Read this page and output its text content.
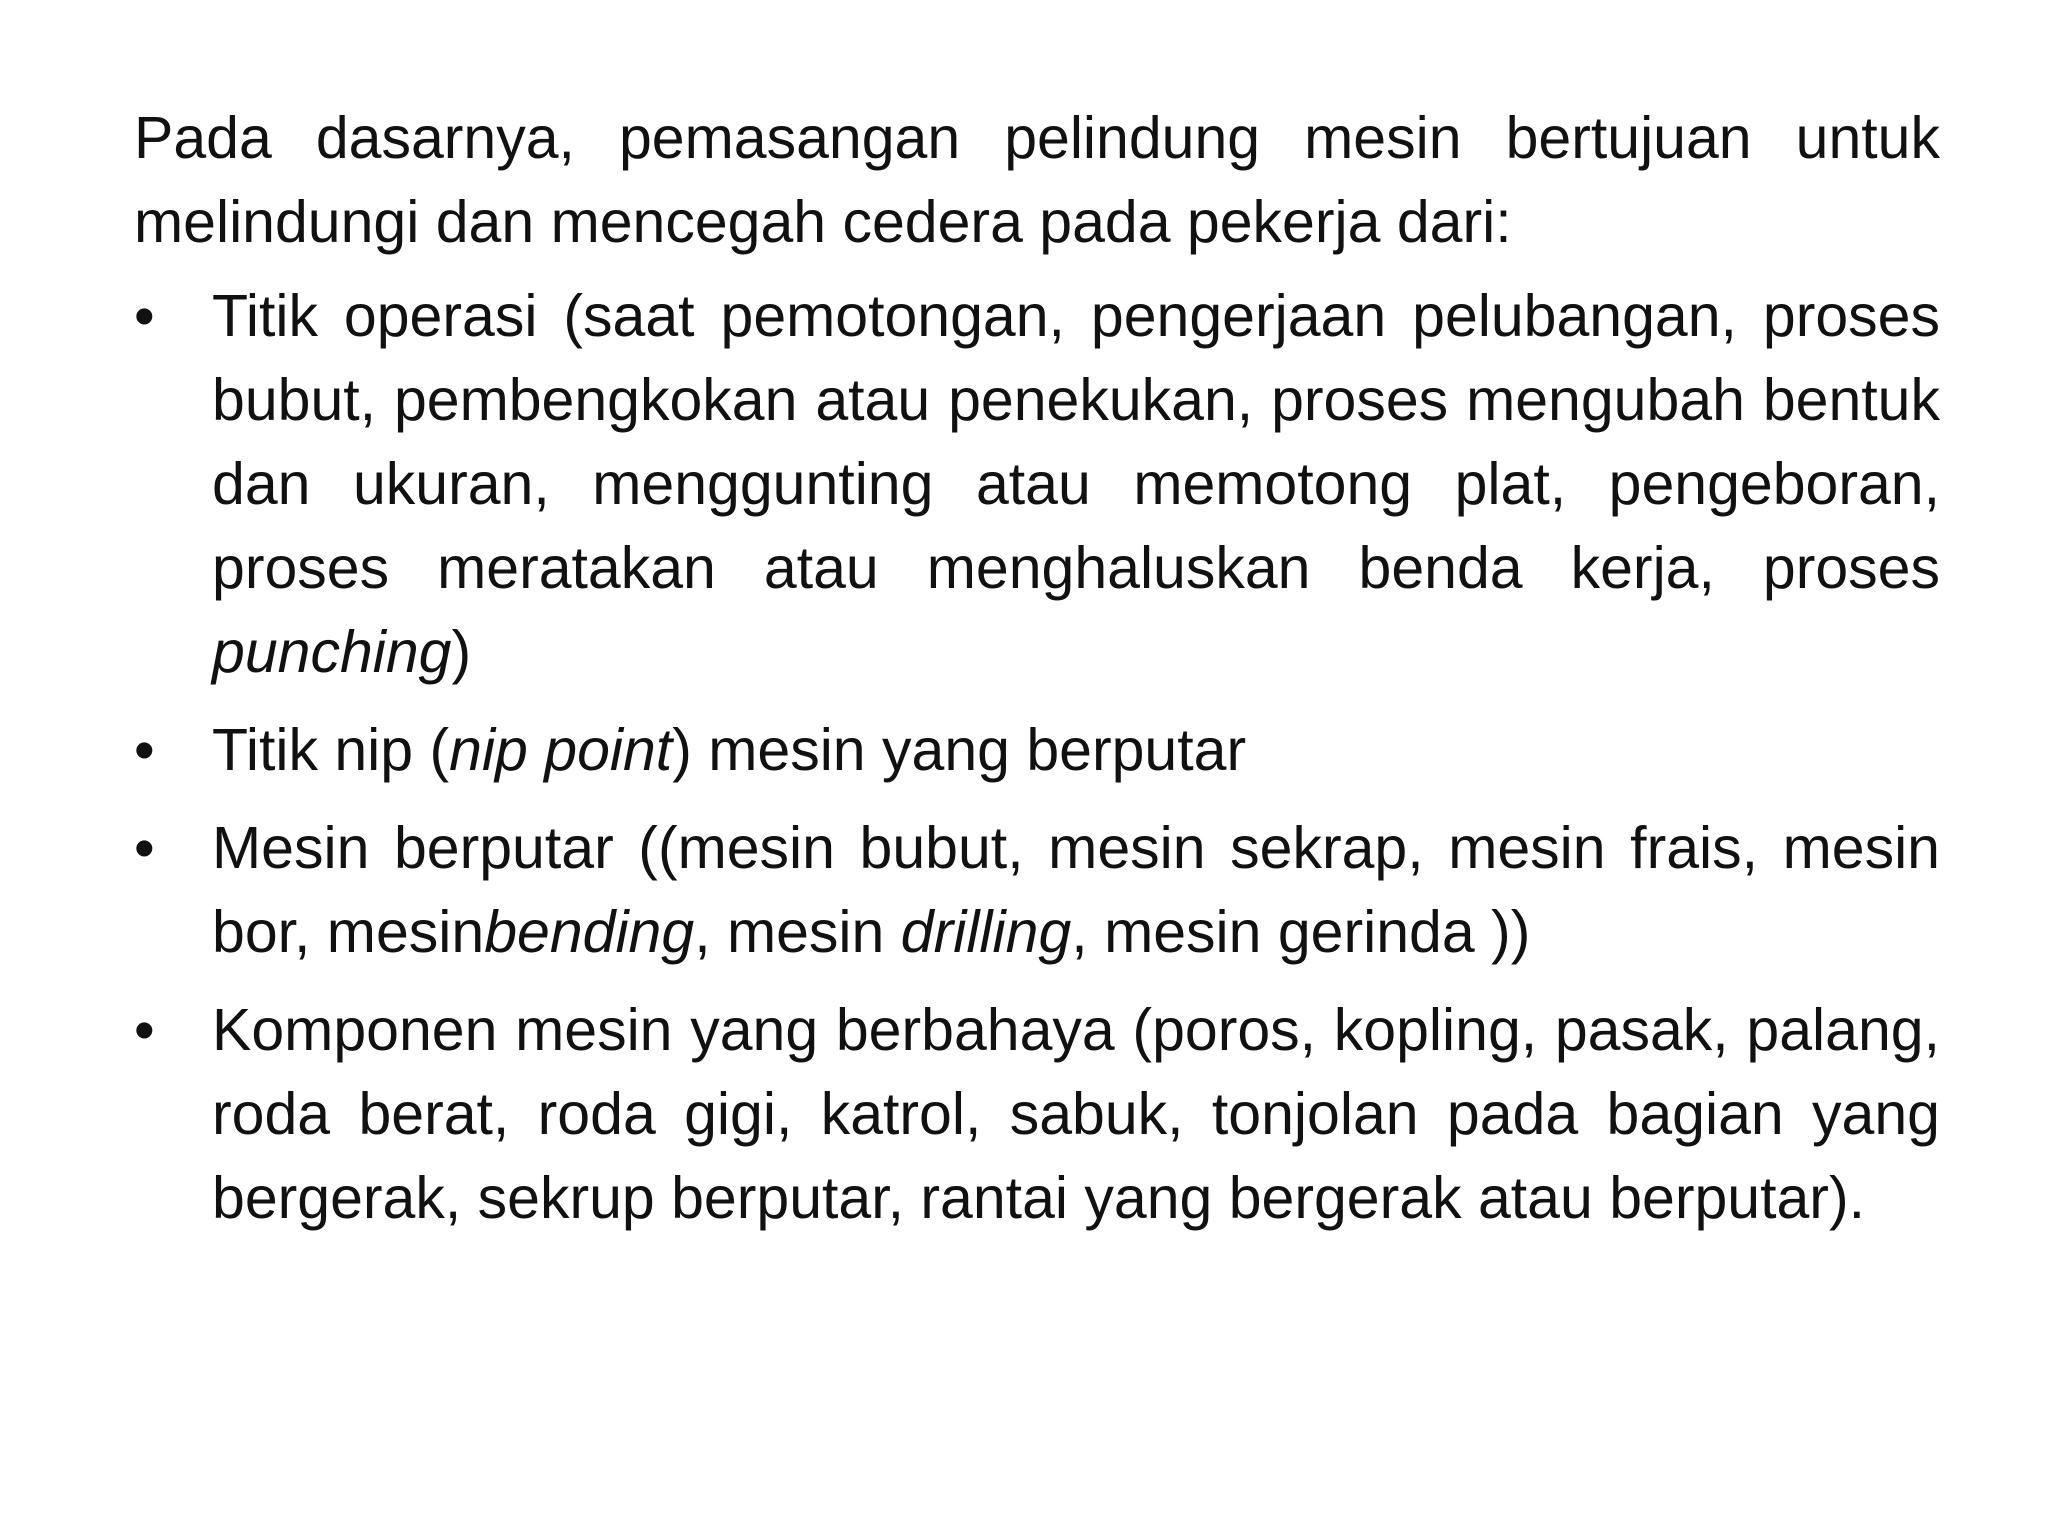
Pada dasarnya, pemasangan pelindung mesin bertujuan untuk melindungi dan mencegah cedera pada pekerja dari:

• Titik operasi (saat pemotongan, pengerjaan pelubangan, proses bubut, pembengkokan atau penekukan, proses mengubah bentuk dan ukuran, menggunting atau memotong plat, pengeboran, proses meratakan atau menghaluskan benda kerja, proses punching)
• Titik nip (nip point) mesin yang berputar
• Mesin berputar ((mesin bubut, mesin sekrap, mesin frais, mesin bor, mesinbending, mesin drilling, mesin gerinda ))
• Komponen mesin yang berbahaya (poros, kopling, pasak, palang, roda berat, roda gigi, katrol, sabuk, tonjolan pada bagian yang bergerak, sekrup berputar, rantai yang bergerak atau berputar).
